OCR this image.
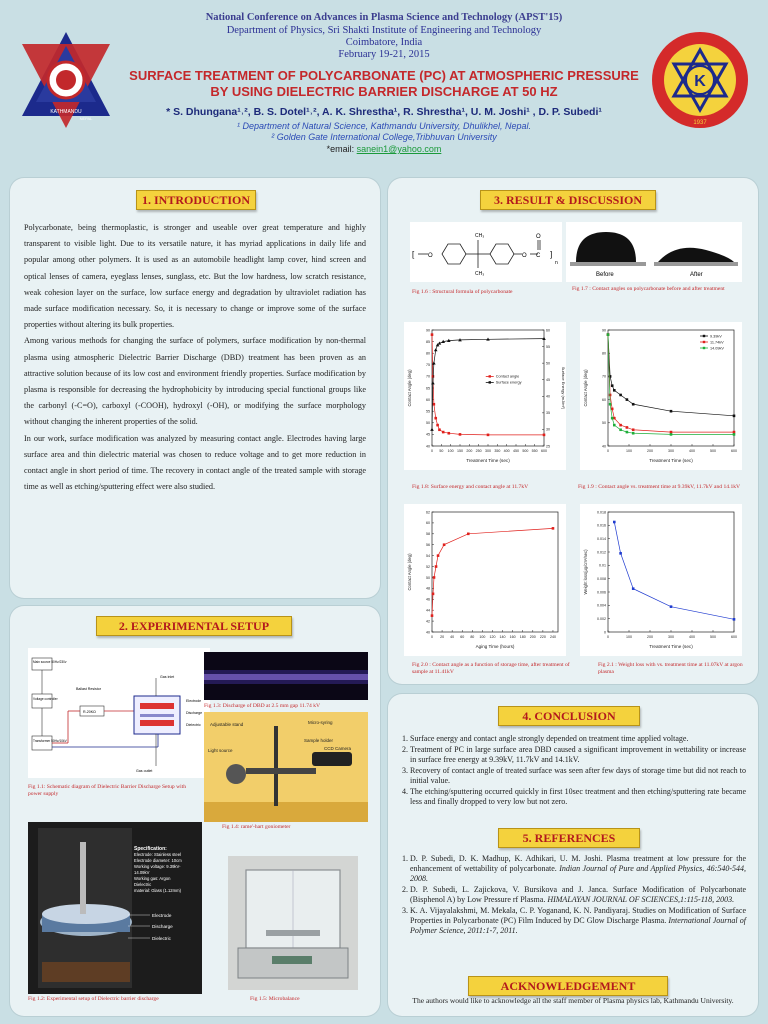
KATHMANDU
NEPAL
K
1937
National Conference on Advances in Plasma Science and Technology (APST'15)
Department of Physics, Sri Shakti Institute of Engineering and Technology
Coimbatore, India
February 19-21, 2015
SURFACE TREATMENT OF POLYCARBONATE (PC) AT ATMOSPHERIC PRESSURE
BY USING DIELECTRIC BARRIER DISCHARGE AT 50 HZ
* S. Dhungana¹˒², B. S. Dotel¹˒², A. K. Shrestha¹, R. Shrestha¹, U. M. Joshi¹ , D. P. Subedi¹
¹ Department of Natural Science, Kathmandu University, Dhulikhel, Nepal.
² Golden Gate International College,Tribhuvan University
*email: sanein1@yahoo.com
1. INTRODUCTION

Polycarbonate, being thermoplastic, is stronger and useable over great temperature and highly transparent to visible light. Due to its versatile nature, it has myriad applications in daily life and popular among other polymers. It is used as an automobile headlight lamp cover, hind screen and optical lenses of camera, eyeglass lenses, sunglass, etc. But the low hardness, low scratch resistance, weak cohesion layer on the surface, low surface energy and degradation by ultraviolet radiation has made surface modification necessary. So, it is necessary to change or improve some of the surface properties without altering its bulk properties.

Among various methods for changing the surface of polymers, surface modification by non-thermal plasma using atmospheric Dielectric Barrier Discharge (DBD) treatment has been proven as an attractive solution because of its low cost and environment friendly properties. Surface modification by plasma is responsible for decreasing the hydrophobicity by introducing special functional groups like the carbonyl (-C=O), carboxyl (-COOH), hydroxyl (-OH), or modifying the surface morphology without changing the inherent properties of the solid.

In our work, surface modification was analyzed by measuring contact angle. Electrodes having large surface area and thin dielectric material was chosen to reduce voltage and to get more reduction in contact angle in short period of time. The recovery in contact angle of the treated sample with storage time as well as etching/sputtering effect were also studied.

2. EXPERIMENTAL SETUP
Main source 50Hz/230v
Voltage controller
Transformer 50Hz/10kV
Ballast Resistor
R-20KΩ
Gas inlet
Electrode
Discharge
Dielectric
Gas outlet
Fig 1.1: Schematic diagram of Dielectric Barrier Discharge Setup with power supply
Fig 1.3: Discharge of DBD at 2.5 mm gap 11.74 kV
Adjustable stand	Micro-syring
Sample holder
Light source	CCD Camera
Fig 1.4: rame'-hart goniometer
Specification:
Electrode: Stainless steel
Electrode diameter: 10cm
Working voltage: 9.39kV-
14.09kV
Working gas: Argon
Dielectric
material: Glass (1.12mm)
Electrode
Discharge
Dielectric
Fig 1.2: Experimental setup of Dielectric barrier discharge	Fig 1.5: Microbalance
3. RESULT & DISCUSSION
[ O
CH₃
CH₃
O C
O
]
n
Fig 1.6 : Structural formula of polycarbonate
Before	After
Fig 1.7 : Contact angles on polycarbonate before and after treatment
0 50 100 150 200 250 300 350 400 450 500 550 600
40
45
50
55
60
65
70
75
80
85
90
25
30
35
40
45
50
55
60
Surface Energy (mJ/m²)
Treatment Time (sec)
Contact Angle (deg)	Contact angle
Surface energy
Fig 1.8: Surface energy and contact angle at 11.7kV
0	100	200	300	400	500	600
40
50
60
70
80
90
Treatment Time (sec)
Contact Angle (deg)
9.39kV
11.74kV
14.09kV
Fig 1.9 : Contact angle vs. treatment time at 9.39kV, 11.7kV and 14.1kV
0 20 40 60 80 100 120 140 160 180 200 220 240
40
42
44
46
48
50
52
54
56
58
60
62
Aging Time (hours)
Contact Angle (deg)
Fig 2.0 : Contact angle as a function of storage time, after treatment of sample at 11.41kV
0	100	200	300	400	500	600
0
0.002
0.004
0.006
0.008
0.01
0.012
0.014
0.016
0.018
Treatment Time (sec)
Weight loss(μg/cm²/sec)
Fig 2.1 : Weight loss with vs. treatment time at 11.07kV at argon plasma
4. CONCLUSION
1. Surface energy and contact angle strongly depended on treatment time applied voltage.
2. Treatment of PC in large surface area DBD caused a significant improvement in wettability or increase in surface free energy at 9.39kV, 11.7kV and 14.1kV.
3. Recovery of contact angle of treated surface was seen after few days of storage time but did not reach to initial value.
4. The etching/sputtering occurred quickly in first 10sec treatment and then etching/sputtering rate became less and finally dropped to very low but not zero.
5. REFERENCES
1. D. P. Subedi, D. K. Madhup, K. Adhikari, U. M. Joshi. Plasma treatment at low pressure for the enhancement of wettability of polycarbonate. Indian Journal of Pure and Applied Physics, 46:540-544, 2008.
2. D. P. Subedi, L. Zajickova, V. Bursikova and J. Janca. Surface Modification of Polycarbonate (Bisphenol A) by Low Pressure rf Plasma. HIMALAYAN JOURNAL OF SCIENCES,1:115-118, 2003.
3. K. A. Vijayalakshmi, M. Mekala, C. P. Yoganand, K. N. Pandiyaraj. Studies on Modification of Surface Properties in Polycarbonate (PC) Film Induced by DC Glow Discharge Plasma. International Journal of Polymer Science, 2011:1-7, 2011.
ACKNOWLEDGEMENT
The authors would like to acknowledge all the staff member of Plasma physics lab, Kathmandu University.
